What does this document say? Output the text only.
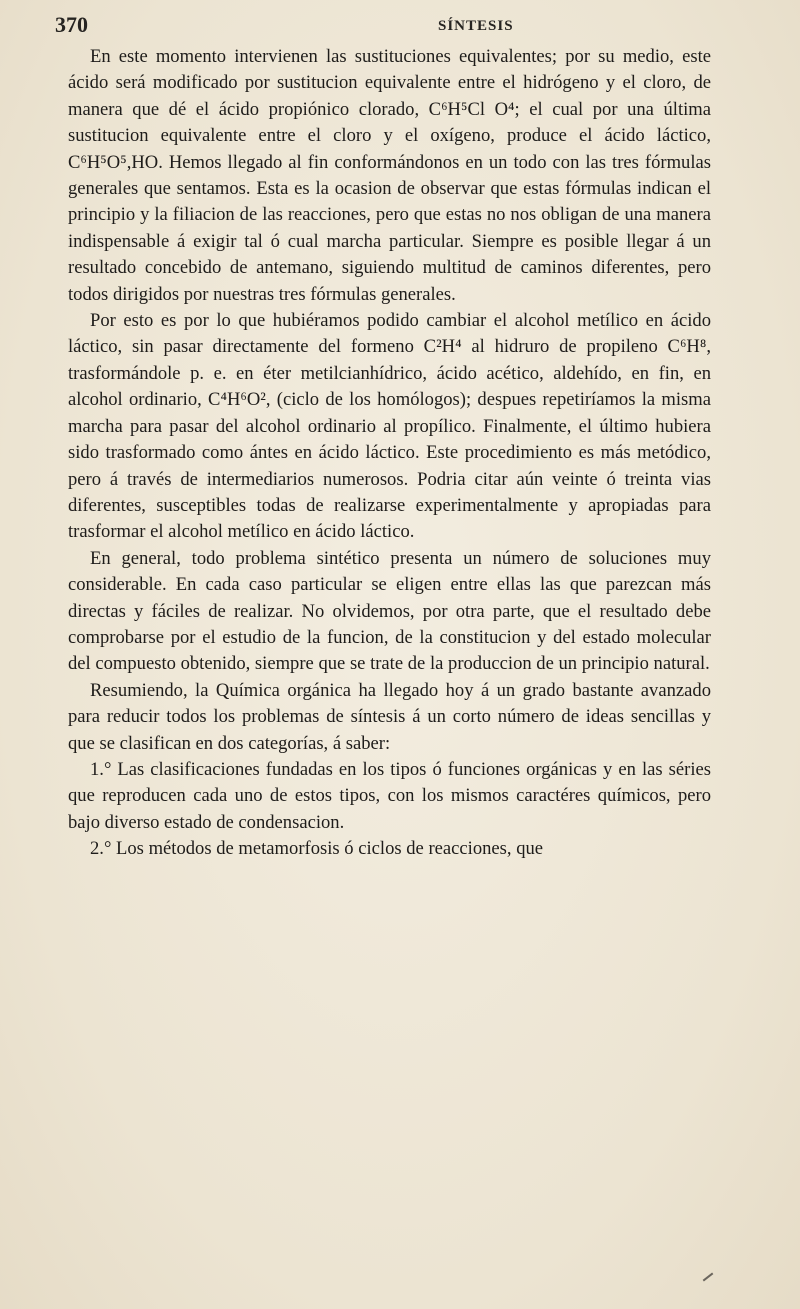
370	SÍNTESIS

En este momento intervienen las sustituciones equivalentes; por su medio, este ácido será modificado por sustitucion equivalente entre el hidrógeno y el cloro, de manera que dé el ácido propiónico clorado, C⁶H⁵Cl O⁴; el cual por una última sustitucion equivalente entre el cloro y el oxígeno, produce el ácido láctico, C⁶H⁵O⁵,HO. Hemos llegado al fin conformándonos en un todo con las tres fórmulas generales que sentamos. Esta es la ocasion de observar que estas fórmulas indican el principio y la filiacion de las reacciones, pero que estas no nos obligan de una manera indispensable á exigir tal ó cual marcha particular. Siempre es posible llegar á un resultado concebido de antemano, siguiendo multitud de caminos diferentes, pero todos dirigidos por nuestras tres fórmulas generales.

Por esto es por lo que hubiéramos podido cambiar el alcohol metílico en ácido láctico, sin pasar directamente del formeno C²H⁴ al hidruro de propileno C⁶H⁸, trasformándole p. e. en éter metilcianhídrico, ácido acético, aldehído, en fin, en alcohol ordinario, C⁴H⁶O², (ciclo de los homólogos); despues repetiríamos la misma marcha para pasar del alcohol ordinario al propílico. Finalmente, el último hubiera sido trasformado como ántes en ácido láctico. Este procedimiento es más metódico, pero á través de intermediarios numerosos. Podria citar aún veinte ó treinta vias diferentes, susceptibles todas de realizarse experimentalmente y apropiadas para trasformar el alcohol metílico en ácido láctico.

En general, todo problema sintético presenta un número de soluciones muy considerable. En cada caso particular se eligen entre ellas las que parezcan más directas y fáciles de realizar. No olvidemos, por otra parte, que el resultado debe comprobarse por el estudio de la funcion, de la constitucion y del estado molecular del compuesto obtenido, siempre que se trate de la produccion de un principio natural.

Resumiendo, la Química orgánica ha llegado hoy á un grado bastante avanzado para reducir todos los problemas de síntesis á un corto número de ideas sencillas y que se clasifican en dos categorías, á saber:

1.° Las clasificaciones fundadas en los tipos ó funciones orgánicas y en las séries que reproducen cada uno de estos tipos, con los mismos caractéres químicos, pero bajo diverso estado de condensacion.

2.° Los métodos de metamorfosis ó ciclos de reacciones, que
